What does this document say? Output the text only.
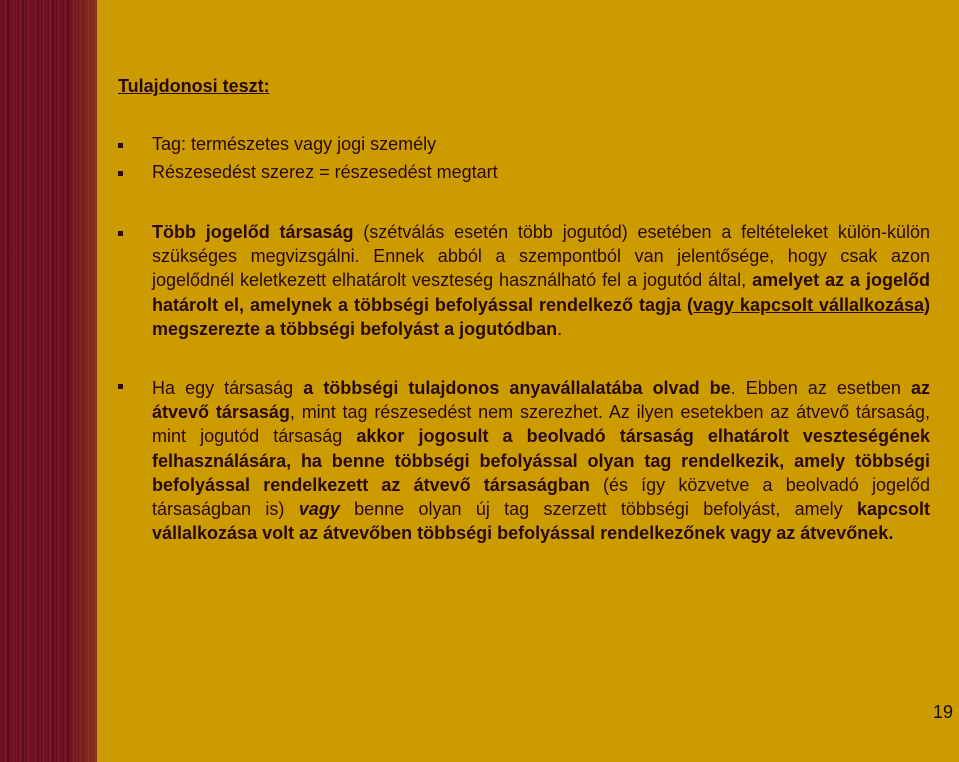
Tulajdonosi teszt:
Tag: természetes vagy jogi személy
Részesedést szerez = részesedést megtart
Több jogelőd társaság (szétválás esetén több jogutód) esetében a feltételeket külön-külön szükséges megvizsgálni. Ennek abból a szempontból van jelentősége, hogy csak azon jogelődnél keletkezett elhatárolt veszteség használható fel a jogutód által, amelyet az a jogelőd határolt el, amelynek a többségi befolyással rendelkező tagja (vagy kapcsolt vállalkozása) megszerezte a többségi befolyást a jogutódban.
Ha egy társaság a többségi tulajdonos anyavállalatába olvad be. Ebben az esetben az átvevő társaság, mint tag részesedést nem szerezhet. Az ilyen esetekben az átvevő társaság, mint jogutód társaság akkor jogosult a beolvadó társaság elhatárolt veszteségének felhasználására, ha benne többségi befolyással olyan tag rendelkezik, amely többségi befolyással rendelkezett az átvevő társaságban (és így közvetve a beolvadó jogelőd társaságban is) vagy benne olyan új tag szerzett többségi befolyást, amely kapcsolt vállalkozása volt az átvevőben többségi befolyással rendelkezőnek vagy az átvevőnek.
19
